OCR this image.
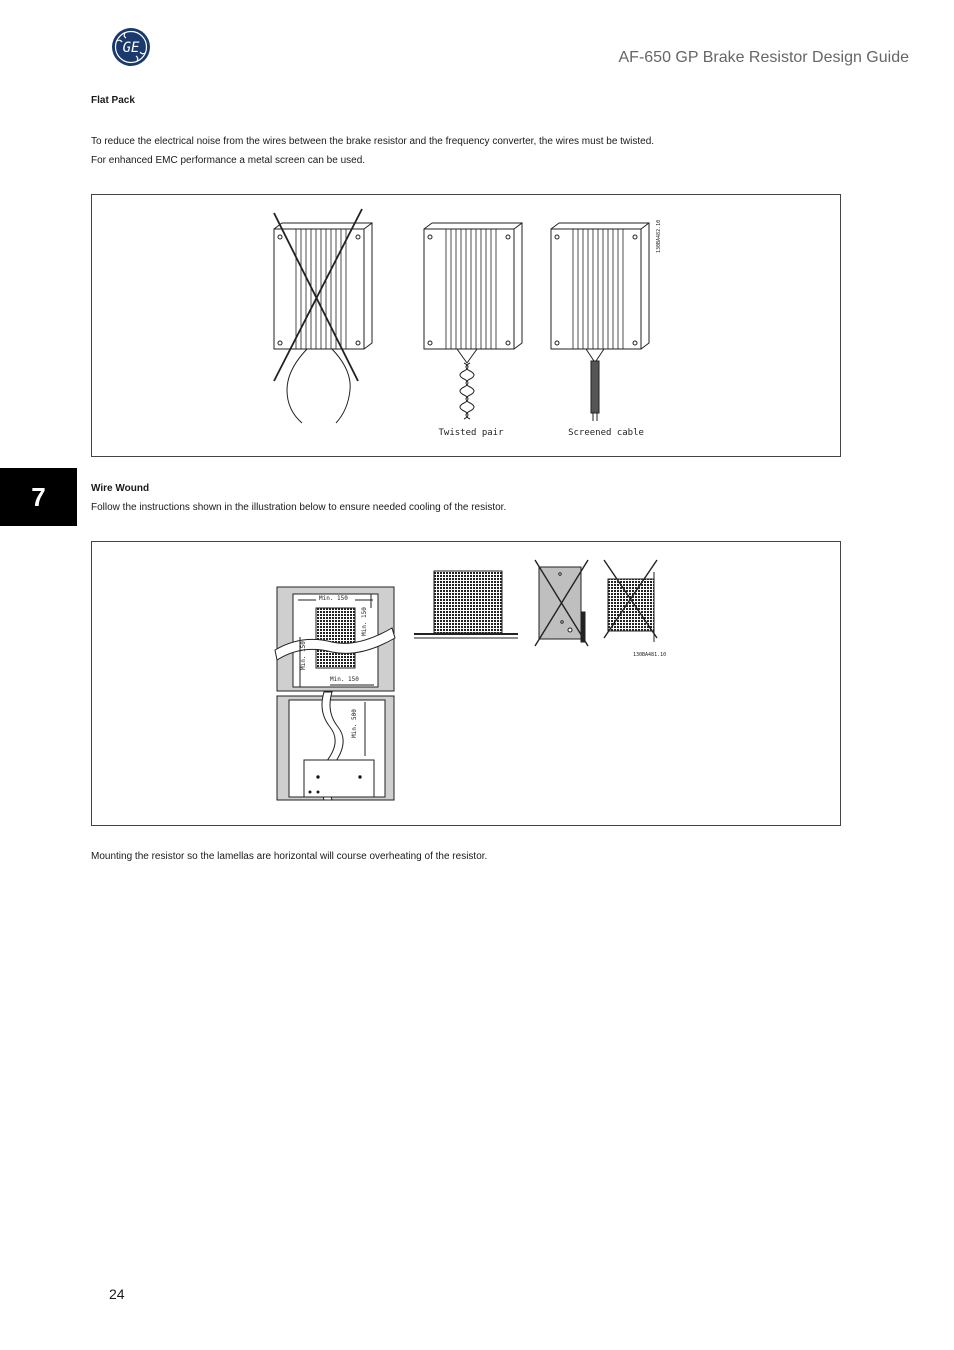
GE
AF-650 GP Brake Resistor Design Guide
Flat Pack
To reduce the electrical noise from the wires between the brake resistor and the frequency converter, the wires must be twisted.
For enhanced EMC performance a metal screen can be used.
Twisted pair	Screened cable
130BA482.10
7	Wire Wound
Follow the instructions shown in the illustration below to ensure needed cooling of the resistor.
Min. 150
Min. 150
Min. 150
Min. 150
Min. 500
130BA481.10
Mounting the resistor so the lamellas are horizontal will course overheating of the resistor.
24
